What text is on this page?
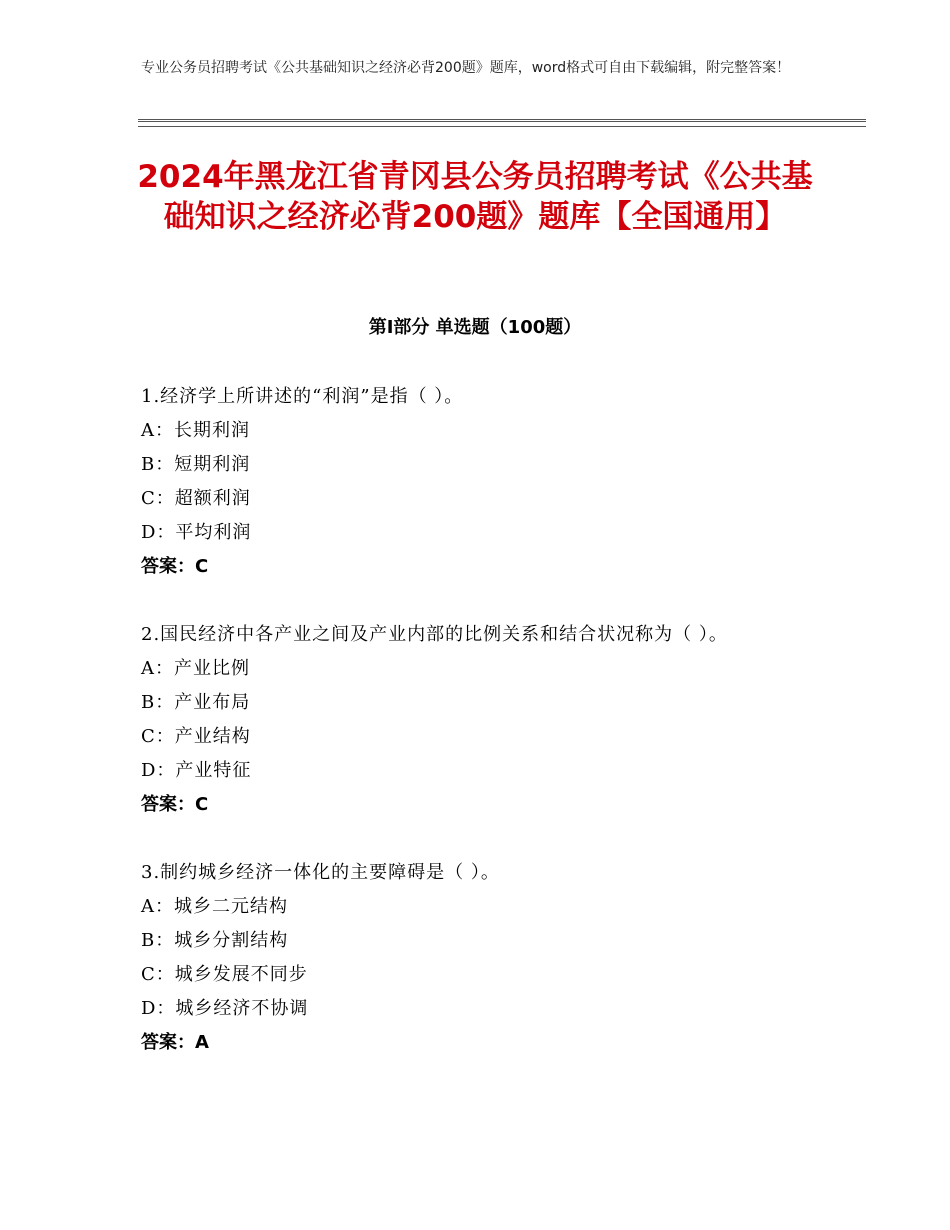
专业公务员招聘考试《公共基础知识之经济必背200题》题库，word格式可自由下载编辑，附完整答案！
2024年黑龙江省青冈县公务员招聘考试《公共基础知识之经济必背200题》题库【全国通用】
第Ⅰ部分 单选题（100题）
1.经济学上所讲述的“利润”是指（ ）。
A：长期利润
B：短期利润
C：超额利润
D：平均利润
答案：C
2.国民经济中各产业之间及产业内部的比例关系和结合状况称为（ ）。
A：产业比例
B：产业布局
C：产业结构
D：产业特征
答案：C
3.制约城乡经济一体化的主要障碍是（ ）。
A：城乡二元结构
B：城乡分割结构
C：城乡发展不同步
D：城乡经济不协调
答案：A
